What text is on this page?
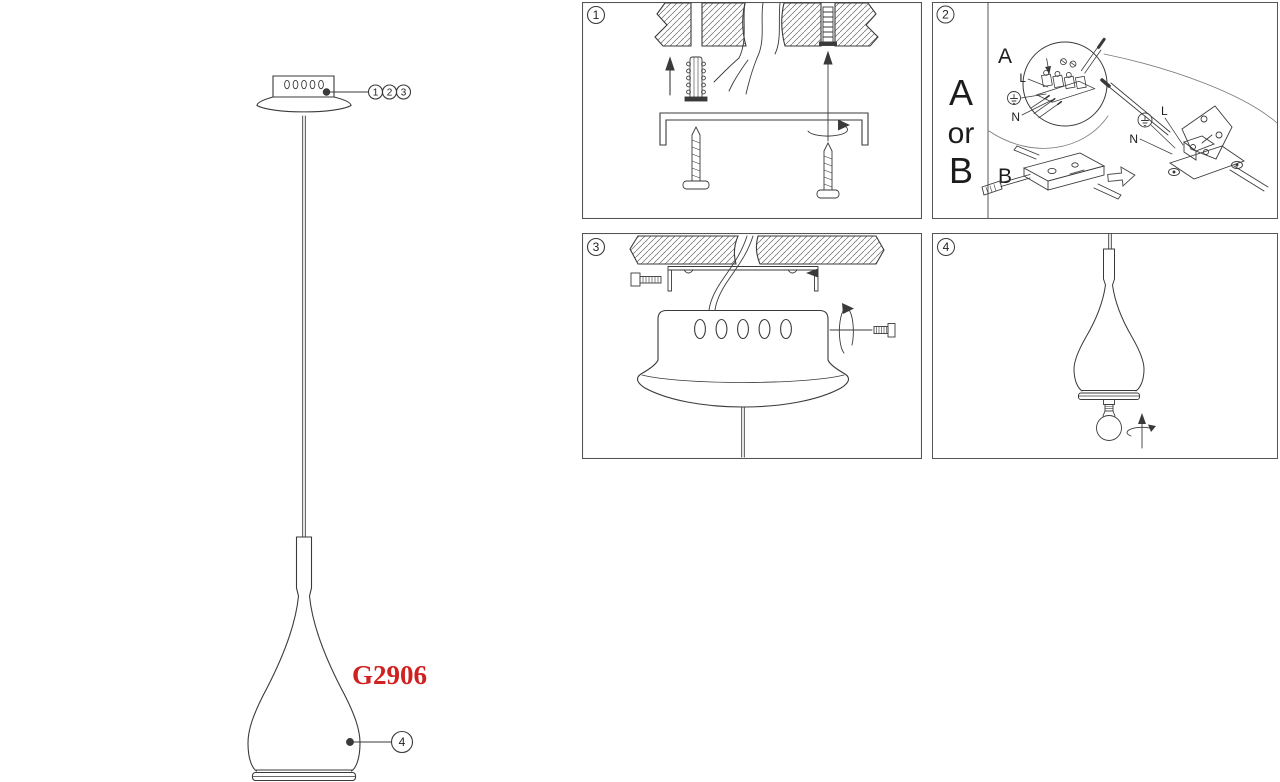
1 2 3
G2906
4
1	2
A
or
B
A
L
N
B
L
N
3	4
